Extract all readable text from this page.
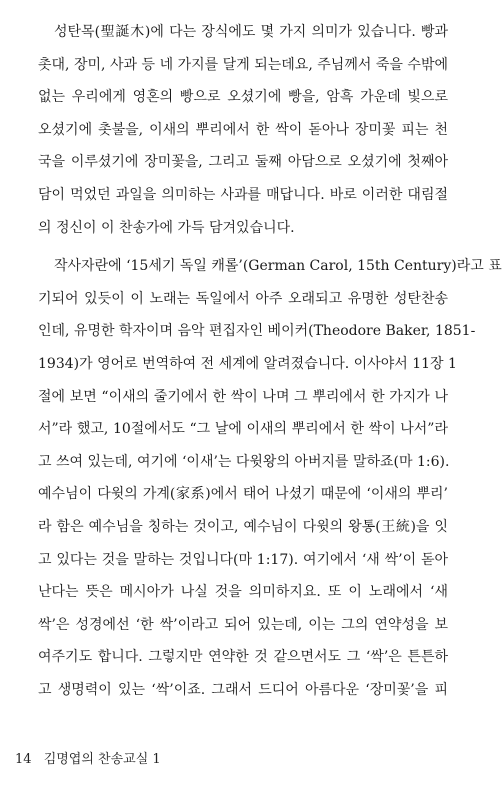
성탄목(聖誕木)에 다는 장식에도 몇 가지 의미가 있습니다. 빵과
촛대, 장미, 사과 등 네 가지를 달게 되는데요, 주님께서 죽을 수밖에
없는 우리에게 영혼의 빵으로 오셨기에 빵을, 암흑 가운데 빛으로
오셨기에 촛불을, 이새의 뿌리에서 한 싹이 돋아나 장미꽃 피는 천
국을 이루셨기에 장미꽃을, 그리고 둘째 아담으로 오셨기에 첫째아
담이 먹었던 과일을 의미하는 사과를 매답니다. 바로 이러한 대림절
의 정신이 이 찬송가에 가득 담겨있습니다.
작사자란에 ‘15세기 독일 캐롤’(German Carol, 15th Century)라고 표
기되어 있듯이 이 노래는 독일에서 아주 오래되고 유명한 성탄찬송
인데, 유명한 학자이며 음악 편집자인 베이커(Theodore Baker, 1851-
1934)가 영어로 번역하여 전 세계에 알려졌습니다. 이사야서 11장 1
절에 보면 “이새의 줄기에서 한 싹이 나며 그 뿌리에서 한 가지가 나
서”라 했고, 10절에서도 “그 날에 이새의 뿌리에서 한 싹이 나서”라
고 쓰여 있는데, 여기에 ‘이새’는 다윗왕의 아버지를 말하죠(마 1:6).
예수님이 다윗의 가계(家系)에서 태어 나셨기 때문에 ‘이새의 뿌리’
라 함은 예수님을 칭하는 것이고, 예수님이 다윗의 왕통(王統)을 잇
고 있다는 것을 말하는 것입니다(마 1:17). 여기에서 ‘새 싹’이 돋아
난다는 뜻은 메시아가 나실 것을 의미하지요. 또 이 노래에서 ‘새
싹’은 성경에선 ‘한 싹’이라고 되어 있는데, 이는 그의 연약성을 보
여주기도 합니다. 그렇지만 연약한 것 같으면서도 그 ‘싹’은 튼튼하
고 생명력이 있는 ‘싹’이죠. 그래서 드디어 아름다운 ‘장미꽃’을 피
14 김명엽의 찬송교실 1
